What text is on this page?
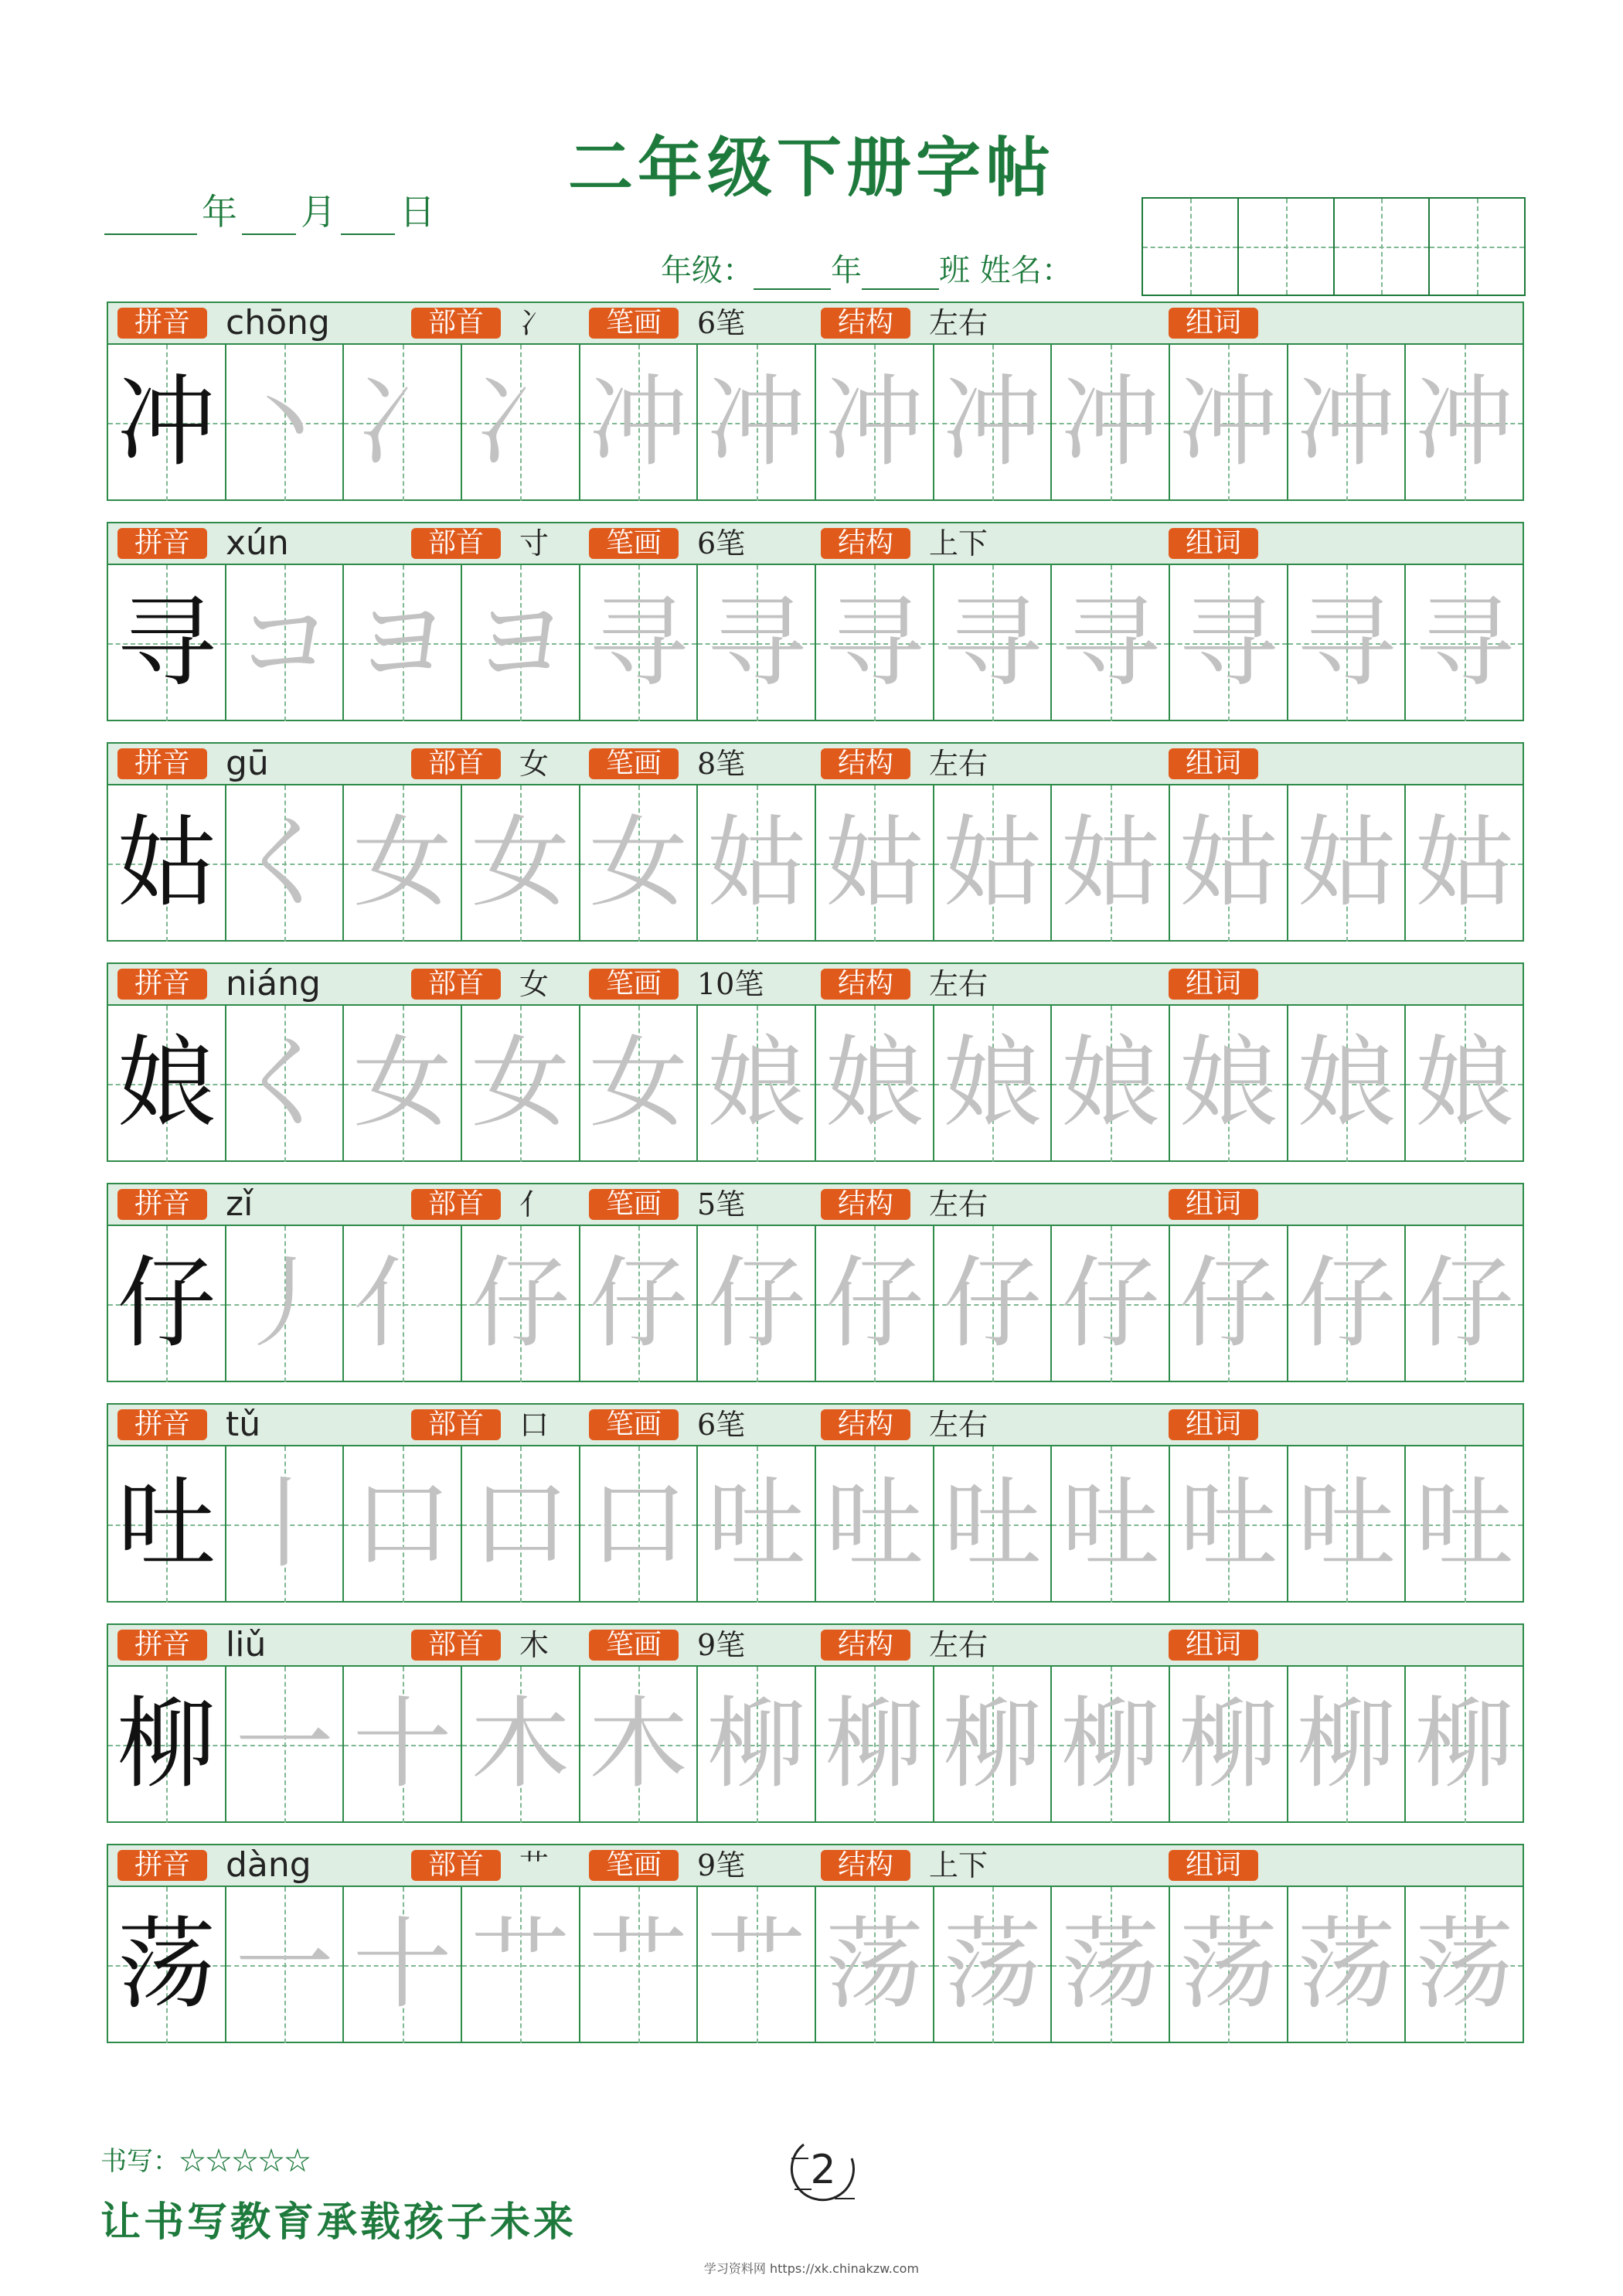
二年级下册字帖
年 月 日
年级：	年	班 姓名：
拼音	chōng	部首	冫	笔画	6笔	结构	左右	组词
冲 丶 冫 冫 冲 冲 冲 冲 冲 冲 冲 冲
拼音	xún	部首	寸	笔画	6笔	结构	上下	组词
寻 コ ヨ ヨ 寻 寻 寻 寻 寻 寻 寻 寻
拼音	gū	部首	女	笔画	8笔	结构	左右	组词
姑 く 女 女 女 姑 姑 姑 姑 姑 姑 姑
拼音	niáng	部首	女	笔画	10笔	结构	左右	组词
娘 く 女 女 女 娘 娘 娘 娘 娘 娘 娘
拼音	zǐ	部首	亻	笔画	5笔	结构	左右	组词
仔 丿 亻 仔 仔 仔 仔 仔 仔 仔 仔 仔
拼音	tǔ	部首	口	笔画	6笔	结构	左右	组词
吐 丨 口 口 口 吐 吐 吐 吐 吐 吐 吐
拼音	liǔ	部首	木	笔画	9笔	结构	左右	组词
柳 一 十 木 木 柳 柳 柳 柳 柳 柳 柳
拼音	dàng	部首	艹	笔画	9笔	结构	上下	组词
荡 一 十 艹 艹 艹 荡 荡 荡 荡 荡 荡
书写：☆☆☆☆☆
让书写教育承载孩子未来
2
学习资料网 https://xk.chinakzw.com
